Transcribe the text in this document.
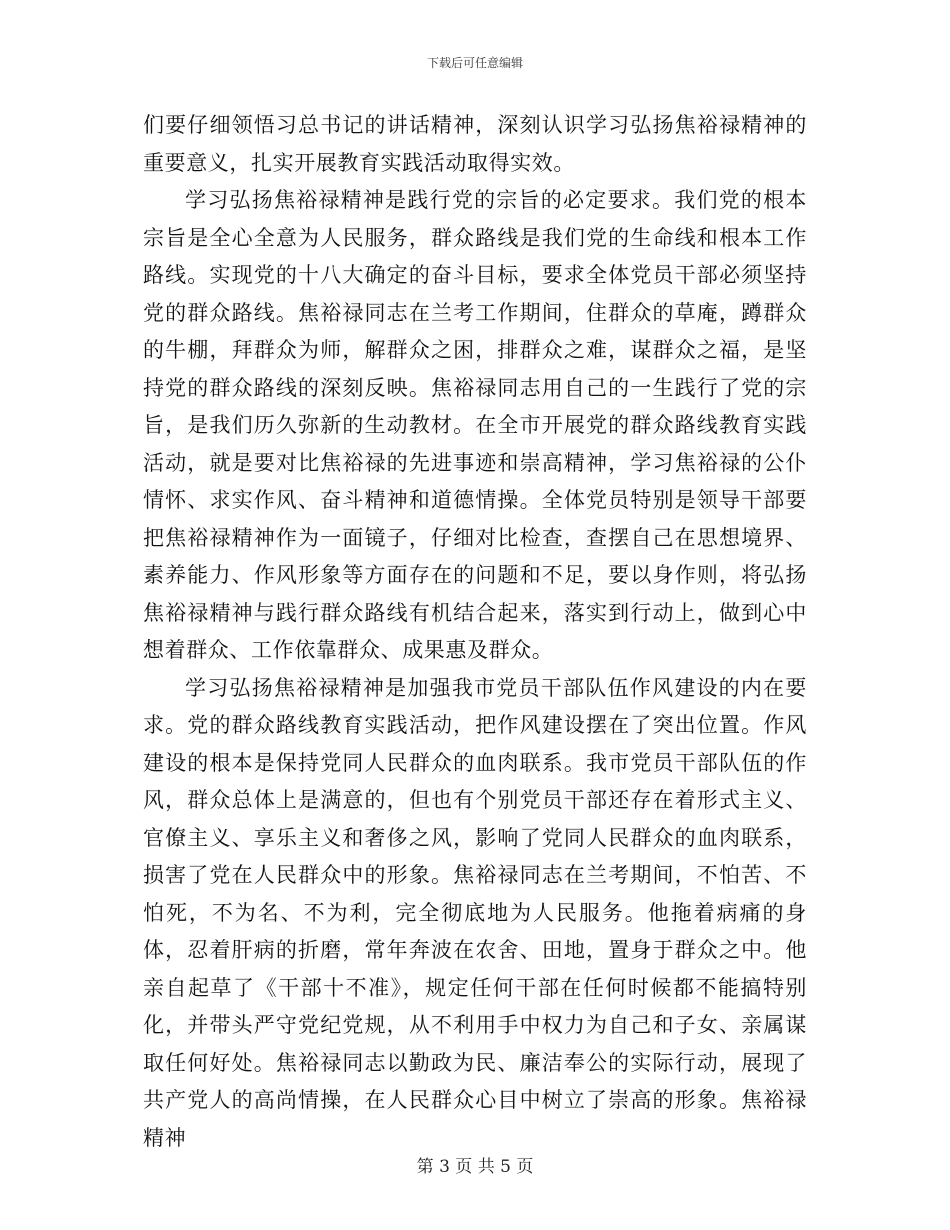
下载后可任意编辑

们要仔细领悟习总书记的讲话精神，深刻认识学习弘扬焦裕禄精神的重要意义，扎实开展教育实践活动取得实效。

学习弘扬焦裕禄精神是践行党的宗旨的必定要求。我们党的根本宗旨是全心全意为人民服务，群众路线是我们党的生命线和根本工作路线。实现党的十八大确定的奋斗目标，要求全体党员干部必须坚持党的群众路线。焦裕禄同志在兰考工作期间，住群众的草庵，蹲群众的牛棚，拜群众为师，解群众之困，排群众之难，谋群众之福，是坚持党的群众路线的深刻反映。焦裕禄同志用自己的一生践行了党的宗旨，是我们历久弥新的生动教材。在全市开展党的群众路线教育实践活动，就是要对比焦裕禄的先进事迹和崇高精神，学习焦裕禄的公仆情怀、求实作风、奋斗精神和道德情操。全体党员特别是领导干部要把焦裕禄精神作为一面镜子，仔细对比检查，查摆自己在思想境界、素养能力、作风形象等方面存在的问题和不足，要以身作则，将弘扬焦裕禄精神与践行群众路线有机结合起来，落实到行动上，做到心中想着群众、工作依靠群众、成果惠及群众。

学习弘扬焦裕禄精神是加强我市党员干部队伍作风建设的内在要求。党的群众路线教育实践活动，把作风建设摆在了突出位置。作风建设的根本是保持党同人民群众的血肉联系。我市党员干部队伍的作风，群众总体上是满意的，但也有个别党员干部还存在着形式主义、官僚主义、享乐主义和奢侈之风，影响了党同人民群众的血肉联系，损害了党在人民群众中的形象。焦裕禄同志在兰考期间，不怕苦、不怕死，不为名、不为利，完全彻底地为人民服务。他拖着病痛的身体，忍着肝病的折磨，常年奔波在农舍、田地，置身于群众之中。他亲自起草了《干部十不准》，规定任何干部在任何时候都不能搞特别化，并带头严守党纪党规，从不利用手中权力为自己和子女、亲属谋取任何好处。焦裕禄同志以勤政为民、廉洁奉公的实际行动，展现了共产党人的高尚情操，在人民群众心目中树立了崇高的形象。焦裕禄精神

第 3 页 共 5 页
